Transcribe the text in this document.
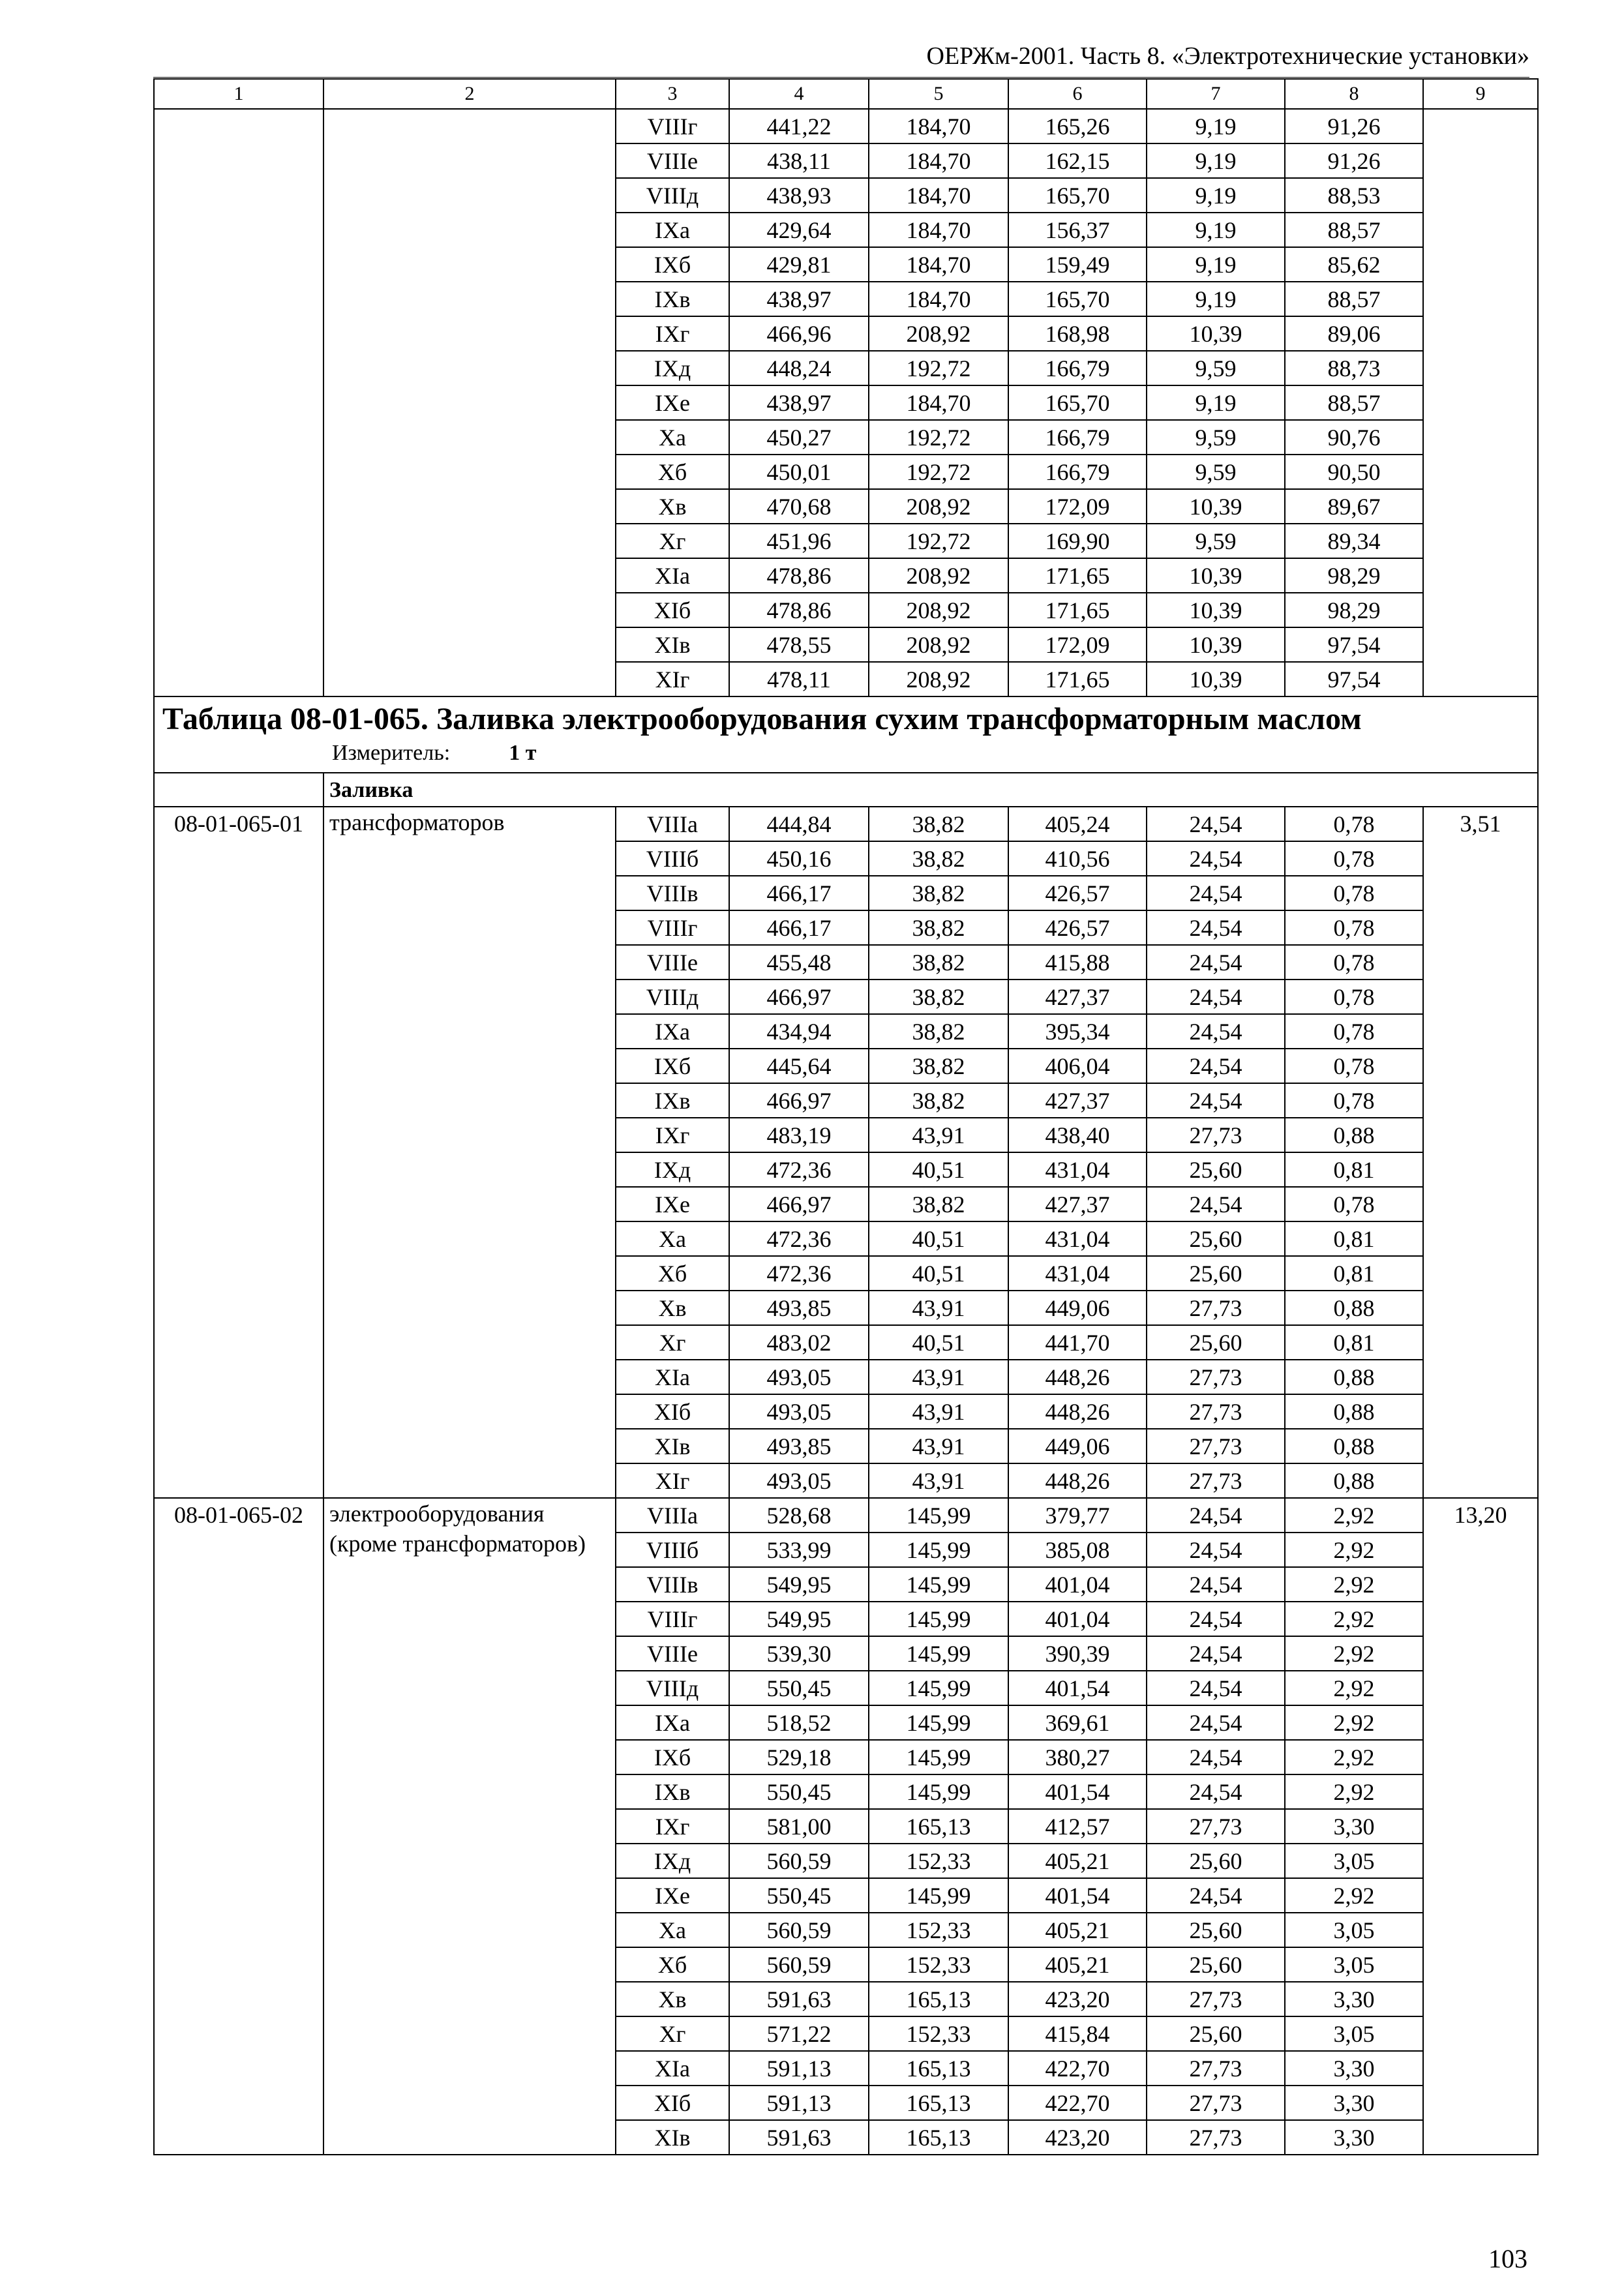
ОЕРЖм-2001. Часть 8. «Электротехнические установки»
1	2	3	4	5	6	7	8	9
		VIIIг	441,22	184,70	165,26	9,19	91,26	
		VIIIе	438,11	184,70	162,15	9,19	91,26	
		VIIIд	438,93	184,70	165,70	9,19	88,53	
		IXа	429,64	184,70	156,37	9,19	88,57	
		IXб	429,81	184,70	159,49	9,19	85,62	
		IXв	438,97	184,70	165,70	9,19	88,57	
		IXг	466,96	208,92	168,98	10,39	89,06	
		IXд	448,24	192,72	166,79	9,59	88,73	
		IXе	438,97	184,70	165,70	9,19	88,57	
		Xа	450,27	192,72	166,79	9,59	90,76	
		Xб	450,01	192,72	166,79	9,59	90,50	
		Xв	470,68	208,92	172,09	10,39	89,67	
		Xг	451,96	192,72	169,90	9,59	89,34	
		XIа	478,86	208,92	171,65	10,39	98,29	
		XIб	478,86	208,92	171,65	10,39	98,29	
		XIв	478,55	208,92	172,09	10,39	97,54	
		XIг	478,11	208,92	171,65	10,39	97,54	

Таблица 08-01-065. Заливка электрооборудования сухим трансформаторным маслом
Измеритель: 1 т								

	Заливка							
08-01-065-01	трансформаторов	VIIIа	444,84	38,82	405,24	24,54	0,78	3,51
		VIIIб	450,16	38,82	410,56	24,54	0,78	
		VIIIв	466,17	38,82	426,57	24,54	0,78	
		VIIIг	466,17	38,82	426,57	24,54	0,78	
		VIIIе	455,48	38,82	415,88	24,54	0,78	
		VIIIд	466,97	38,82	427,37	24,54	0,78	
		IXа	434,94	38,82	395,34	24,54	0,78	
		IXб	445,64	38,82	406,04	24,54	0,78	
		IXв	466,97	38,82	427,37	24,54	0,78	
		IXг	483,19	43,91	438,40	27,73	0,88	
		IXд	472,36	40,51	431,04	25,60	0,81	
		IXе	466,97	38,82	427,37	24,54	0,78	
		Xа	472,36	40,51	431,04	25,60	0,81	
		Xб	472,36	40,51	431,04	25,60	0,81	
		Xв	493,85	43,91	449,06	27,73	0,88	
		Xг	483,02	40,51	441,70	25,60	0,81	
		XIа	493,05	43,91	448,26	27,73	0,88	
		XIб	493,05	43,91	448,26	27,73	0,88	
		XIв	493,85	43,91	449,06	27,73	0,88	
		XIг	493,05	43,91	448,26	27,73	0,88	
08-01-065-02	электрооборудования (кроме трансформаторов)	VIIIа	528,68	145,99	379,77	24,54	2,92	13,20
		VIIIб	533,99	145,99	385,08	24,54	2,92	
		VIIIв	549,95	145,99	401,04	24,54	2,92	
		VIIIг	549,95	145,99	401,04	24,54	2,92	
		VIIIе	539,30	145,99	390,39	24,54	2,92	
		VIIIд	550,45	145,99	401,54	24,54	2,92	
		IXа	518,52	145,99	369,61	24,54	2,92	
		IXб	529,18	145,99	380,27	24,54	2,92	
		IXв	550,45	145,99	401,54	24,54	2,92	
		IXг	581,00	165,13	412,57	27,73	3,30	
		IXд	560,59	152,33	405,21	25,60	3,05	
		IXе	550,45	145,99	401,54	24,54	2,92	
		Xа	560,59	152,33	405,21	25,60	3,05	
		Xб	560,59	152,33	405,21	25,60	3,05	
		Xв	591,63	165,13	423,20	27,73	3,30	
		Xг	571,22	152,33	415,84	25,60	3,05	
		XIа	591,13	165,13	422,70	27,73	3,30	
		XIб	591,13	165,13	422,70	27,73	3,30	
		XIв	591,63	165,13	423,20	27,73	3,30	
103
